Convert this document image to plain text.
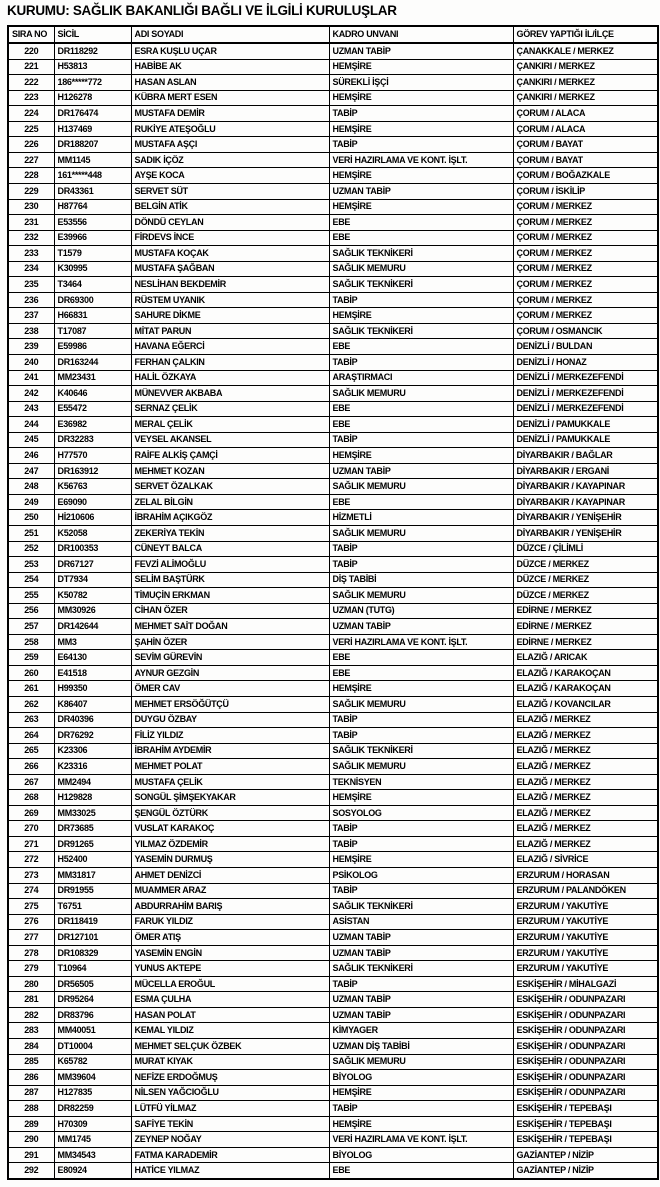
KURUMU: SAĞLIK BAKANLIĞI BAĞLI VE İLGİLİ KURULUŞLAR
SIRA NO	SİCİL	ADI SOYADI	KADRO UNVANI	GÖREV YAPTIĞI İL/İLÇE
220	DR118292	ESRA KUŞLU UÇAR	UZMAN TABİP	ÇANAKKALE / MERKEZ
221	H53813	HABİBE AK	HEMŞİRE	ÇANKIRI / MERKEZ
222	186*****772	HASAN ASLAN	SÜREKLİ İŞÇİ	ÇANKIRI / MERKEZ
223	H126278	KÜBRA MERT ESEN	HEMŞİRE	ÇANKIRI / MERKEZ
224	DR176474	MUSTAFA DEMİR	TABİP	ÇORUM / ALACA
225	H137469	RUKİYE ATEŞOĞLU	HEMŞİRE	ÇORUM / ALACA
226	DR188207	MUSTAFA AŞÇI	TABİP	ÇORUM / BAYAT
227	MM1145	SADIK İÇÖZ	VERİ HAZIRLAMA VE KONT. İŞLT.	ÇORUM / BAYAT
228	161*****448	AYŞE KOCA	HEMŞİRE	ÇORUM / BOĞAZKALE
229	DR43361	SERVET SÜT	UZMAN TABİP	ÇORUM / İSKİLİP
230	H87764	BELGİN ATİK	HEMŞİRE	ÇORUM / MERKEZ
231	E53556	DÖNDÜ CEYLAN	EBE	ÇORUM / MERKEZ
232	E39966	FİRDEVS İNCE	EBE	ÇORUM / MERKEZ
233	T1579	MUSTAFA KOÇAK	SAĞLIK TEKNİKERİ	ÇORUM / MERKEZ
234	K30995	MUSTAFA ŞAĞBAN	SAĞLIK MEMURU	ÇORUM / MERKEZ
235	T3464	NESLİHAN BEKDEMİR	SAĞLIK TEKNİKERİ	ÇORUM / MERKEZ
236	DR69300	RÜSTEM UYANIK	TABİP	ÇORUM / MERKEZ
237	H66831	SAHURE DİKME	HEMŞİRE	ÇORUM / MERKEZ
238	T17087	MİTAT PARUN	SAĞLIK TEKNİKERİ	ÇORUM / OSMANCIK
239	E59986	HAVANA EĞERCİ	EBE	DENİZLİ / BULDAN
240	DR163244	FERHAN ÇALKIN	TABİP	DENİZLİ / HONAZ
241	MM23431	HALİL ÖZKAYA	ARAŞTIRMACI	DENİZLİ / MERKEZEFENDİ
242	K40646	MÜNEVVER AKBABA	SAĞLIK MEMURU	DENİZLİ / MERKEZEFENDİ
243	E55472	SERNAZ ÇELİK	EBE	DENİZLİ / MERKEZEFENDİ
244	E36982	MERAL ÇELİK	EBE	DENİZLİ / PAMUKKALE
245	DR32283	VEYSEL AKANSEL	TABİP	DENİZLİ / PAMUKKALE
246	H77570	RAİFE ALKİŞ ÇAMÇİ	HEMŞİRE	DİYARBAKIR / BAĞLAR
247	DR163912	MEHMET KOZAN	UZMAN TABİP	DİYARBAKIR / ERGANİ
248	K56763	SERVET ÖZALKAK	SAĞLIK MEMURU	DİYARBAKIR / KAYAPINAR
249	E69090	ZELAL BİLGİN	EBE	DİYARBAKIR / KAYAPINAR
250	Hİ210606	İBRAHİM AÇIKGÖZ	HİZMETLİ	DİYARBAKIR / YENİŞEHİR
251	K52058	ZEKERİYA TEKİN	SAĞLIK MEMURU	DİYARBAKIR / YENİŞEHİR
252	DR100353	CÜNEYT BALCA	TABİP	DÜZCE / ÇİLİMLİ
253	DR67127	FEVZİ ALİMOĞLU	TABİP	DÜZCE / MERKEZ
254	DT7934	SELİM BAŞTÜRK	DİŞ TABİBİ	DÜZCE / MERKEZ
255	K50782	TİMUÇİN ERKMAN	SAĞLIK MEMURU	DÜZCE / MERKEZ
256	MM30926	CİHAN ÖZER	UZMAN (TUTG)	EDİRNE / MERKEZ
257	DR142644	MEHMET SAİT DOĞAN	UZMAN TABİP	EDİRNE / MERKEZ
258	MM3	ŞAHİN ÖZER	VERİ HAZIRLAMA VE KONT. İŞLT.	EDİRNE / MERKEZ
259	E64130	SEVİM GÜREVİN	EBE	ELAZIĞ / ARICAK
260	E41518	AYNUR GEZGİN	EBE	ELAZIĞ / KARAKOÇAN
261	H99350	ÖMER CAV	HEMŞİRE	ELAZIĞ / KARAKOÇAN
262	K86407	MEHMET ERSÖĞÜTÇÜ	SAĞLIK MEMURU	ELAZIĞ / KOVANCILAR
263	DR40396	DUYGU ÖZBAY	TABİP	ELAZIĞ / MERKEZ
264	DR76292	FİLİZ YILDIZ	TABİP	ELAZIĞ / MERKEZ
265	K23306	İBRAHİM AYDEMİR	SAĞLIK TEKNİKERİ	ELAZIĞ / MERKEZ
266	K23316	MEHMET POLAT	SAĞLIK MEMURU	ELAZIĞ / MERKEZ
267	MM2494	MUSTAFA ÇELİK	TEKNİSYEN	ELAZIĞ / MERKEZ
268	H129828	SONGÜL ŞİMŞEKYAKAR	HEMŞİRE	ELAZIĞ / MERKEZ
269	MM33025	ŞENGÜL ÖZTÜRK	SOSYOLOG	ELAZIĞ / MERKEZ
270	DR73685	VUSLAT KARAKOÇ	TABİP	ELAZIĞ / MERKEZ
271	DR91265	YILMAZ ÖZDEMİR	TABİP	ELAZIĞ / MERKEZ
272	H52400	YASEMİN DURMUŞ	HEMŞİRE	ELAZIĞ / SİVRİCE
273	MM31817	AHMET DENİZCİ	PSİKOLOG	ERZURUM / HORASAN
274	DR91955	MUAMMER ARAZ	TABİP	ERZURUM / PALANDÖKEN
275	T6751	ABDURRAHİM BARIŞ	SAĞLIK TEKNİKERİ	ERZURUM / YAKUTİYE
276	DR118419	FARUK YILDIZ	ASİSTAN	ERZURUM / YAKUTİYE
277	DR127101	ÖMER ATIŞ	UZMAN TABİP	ERZURUM / YAKUTİYE
278	DR108329	YASEMİN ENGİN	UZMAN TABİP	ERZURUM / YAKUTİYE
279	T10964	YUNUS AKTEPE	SAĞLIK TEKNİKERİ	ERZURUM / YAKUTİYE
280	DR56505	MÜCELLA EROĞUL	TABİP	ESKİŞEHİR / MİHALGAZİ
281	DR95264	ESMA ÇULHA	UZMAN TABİP	ESKİŞEHİR / ODUNPAZARI
282	DR83796	HASAN POLAT	UZMAN TABİP	ESKİŞEHİR / ODUNPAZARI
283	MM40051	KEMAL YILDIZ	KİMYAGER	ESKİŞEHİR / ODUNPAZARI
284	DT10004	MEHMET SELÇUK ÖZBEK	UZMAN DİŞ TABİBİ	ESKİŞEHİR / ODUNPAZARI
285	K65782	MURAT KIYAK	SAĞLIK MEMURU	ESKİŞEHİR / ODUNPAZARI
286	MM39604	NEFİZE ERDOĞMUŞ	BİYOLOG	ESKİŞEHİR / ODUNPAZARI
287	H127835	NİLSEN YAĞCIOĞLU	HEMŞİRE	ESKİŞEHİR / ODUNPAZARI
288	DR82259	LÜTFÜ YİLMAZ	TABİP	ESKİŞEHİR / TEPEBAŞI
289	H70309	SAFİYE TEKİN	HEMŞİRE	ESKİŞEHİR / TEPEBAŞI
290	MM1745	ZEYNEP NOĞAY	VERİ HAZIRLAMA VE KONT. İŞLT.	ESKİŞEHİR / TEPEBAŞI
291	MM34543	FATMA KARADEMİR	BİYOLOG	GAZİANTEP / NİZİP
292	E80924	HATİCE YILMAZ	EBE	GAZİANTEP / NİZİP
